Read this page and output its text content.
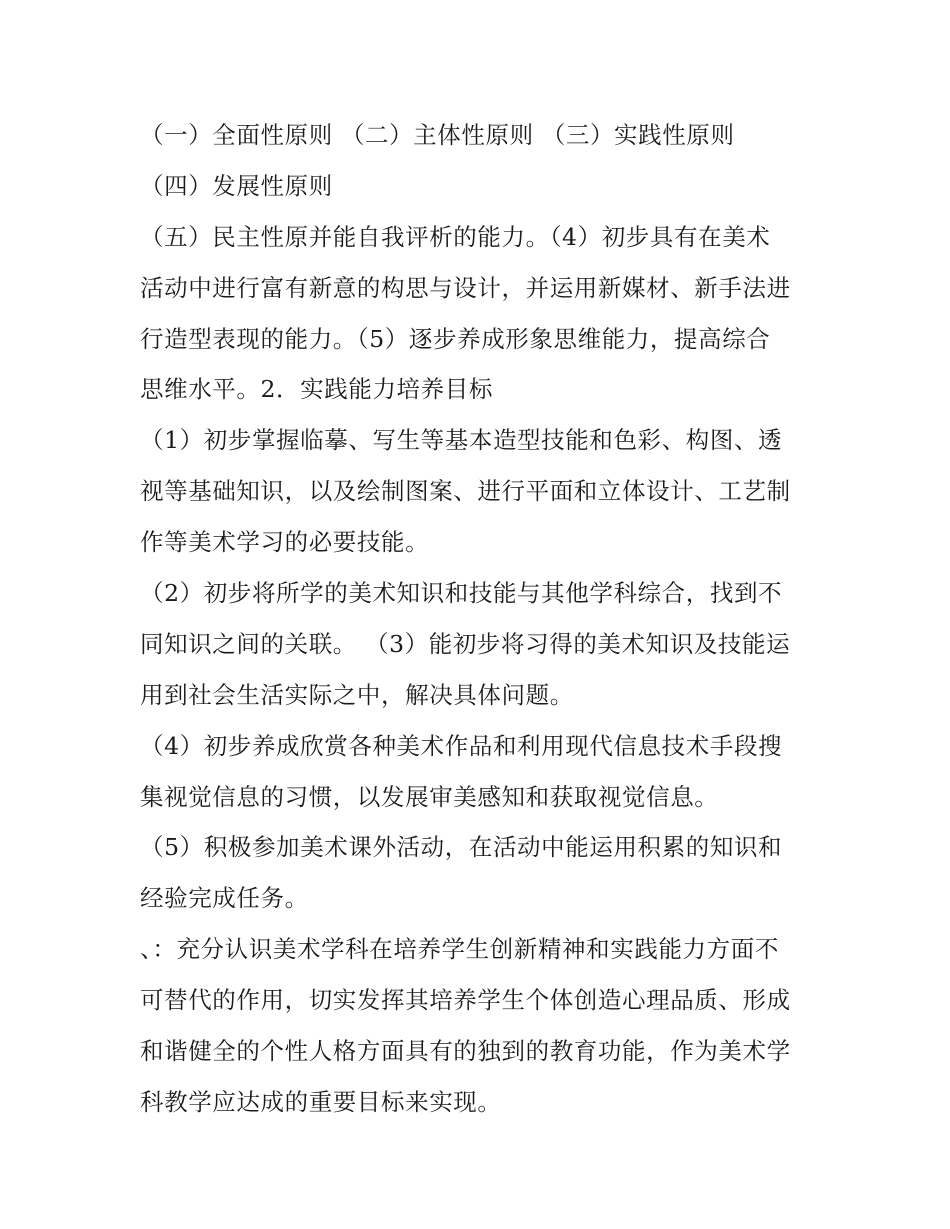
（一）全面性原则 （二）主体性原则 （三）实践性原则
（四）发展性原则
（五）民主性原并能自我评析的能力。（4）初步具有在美术
活动中进行富有新意的构思与设计，并运用新媒材、新手法进
行造型表现的能力。（5）逐步养成形象思维能力，提高综合
思维水平。2．实践能力培养目标
（1）初步掌握临摹、写生等基本造型技能和色彩、构图、透
视等基础知识，以及绘制图案、进行平面和立体设计、工艺制
作等美术学习的必要技能。
（2）初步将所学的美术知识和技能与其他学科综合，找到不
同知识之间的关联。 （3）能初步将习得的美术知识及技能运
用到社会生活实际之中，解决具体问题。
（4）初步养成欣赏各种美术作品和利用现代信息技术手段搜
集视觉信息的习惯，以发展审美感知和获取视觉信息。
（5）积极参加美术课外活动，在活动中能运用积累的知识和
经验完成任务。
、：充分认识美术学科在培养学生创新精神和实践能力方面不
可替代的作用，切实发挥其培养学生个体创造心理品质、形成
和谐健全的个性人格方面具有的独到的教育功能，作为美术学
科教学应达成的重要目标来实现。
